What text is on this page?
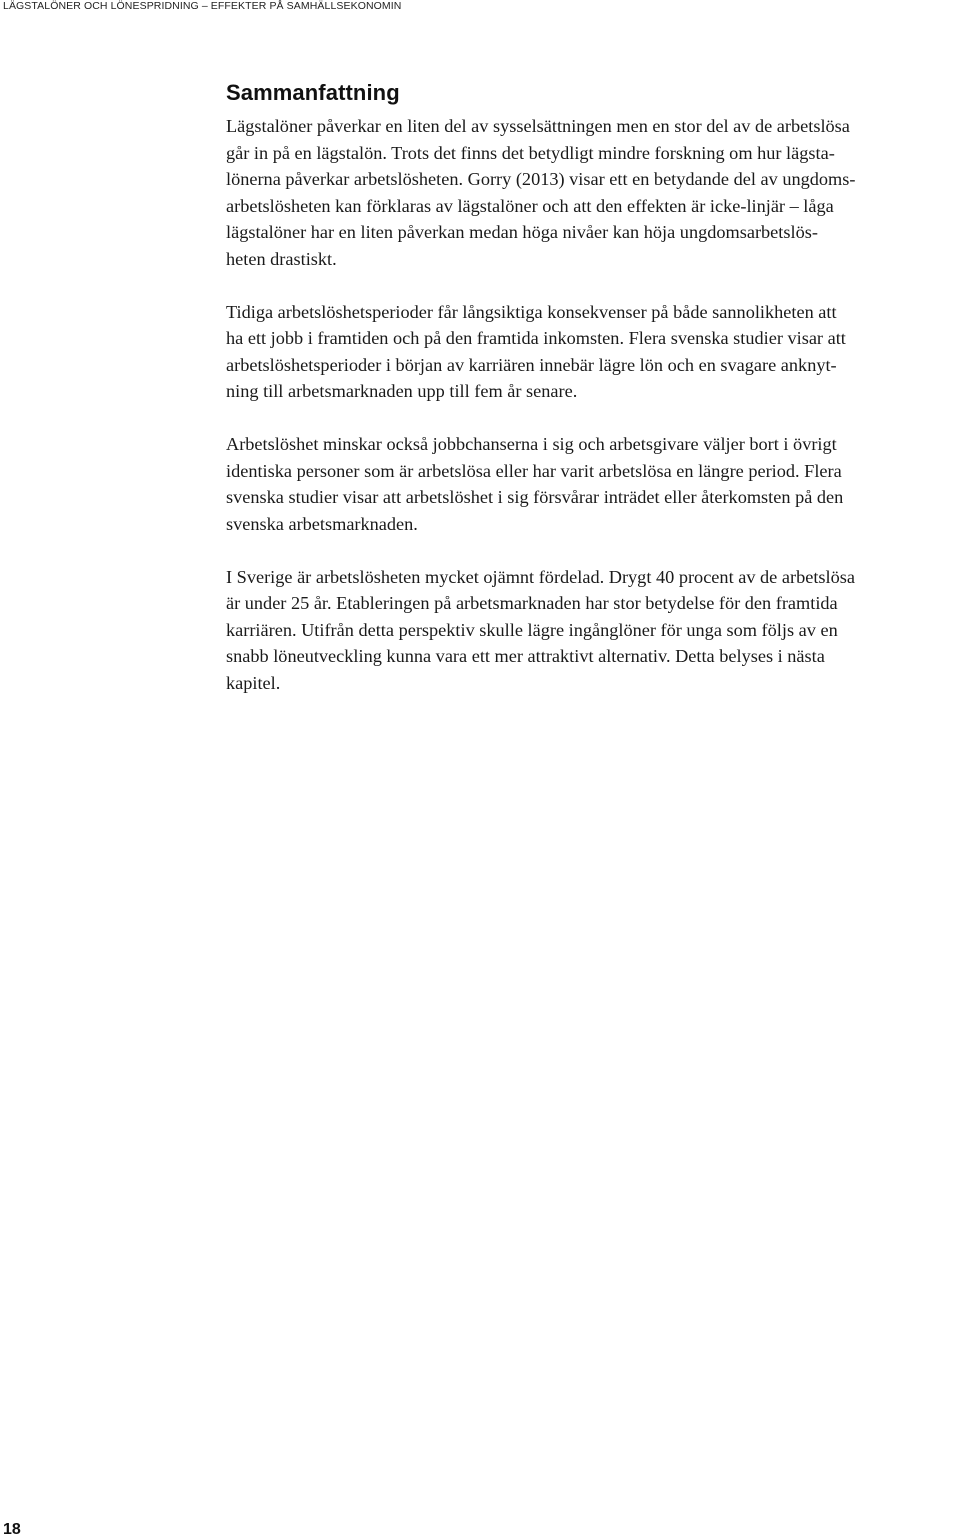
LÄGSTALÖNER OCH LÖNESPRIDNING – EFFEKTER PÅ SAMHÄLLSEKONOMIN
Sammanfattning

Lägstalöner påverkar en liten del av sysselsättningen men en stor del av de arbetslösa
går in på en lägstalön. Trots det finns det betydligt mindre forskning om hur lägsta-
lönerna påverkar arbetslösheten. Gorry (2013) visar ett en betydande del av ungdoms-
arbetslösheten kan förklaras av lägstalöner och att den effekten är icke-linjär – låga
lägstalöner har en liten påverkan medan höga nivåer kan höja ungdomsarbetslös-
heten drastiskt.

Tidiga arbetslöshetsperioder får långsiktiga konsekvenser på både sannolikheten att
ha ett jobb i framtiden och på den framtida inkomsten. Flera svenska studier visar att
arbetslöshetsperioder i början av karriären innebär lägre lön och en svagare anknyt-
ning till arbetsmarknaden upp till fem år senare.

Arbetslöshet minskar också jobbchanserna i sig och arbetsgivare väljer bort i övrigt
identiska personer som är arbetslösa eller har varit arbetslösa en längre period. Flera
svenska studier visar att arbetslöshet i sig försvårar inträdet eller återkomsten på den
svenska arbetsmarknaden.

I Sverige är arbetslösheten mycket ojämnt fördelad. Drygt 40 procent av de arbetslösa
är under 25 år. Etableringen på arbetsmarknaden har stor betydelse för den framtida
karriären. Utifrån detta perspektiv skulle lägre ingånglöner för unga som följs av en
snabb löneutveckling kunna vara ett mer attraktivt alternativ. Detta belyses i nästa
kapitel.

18
